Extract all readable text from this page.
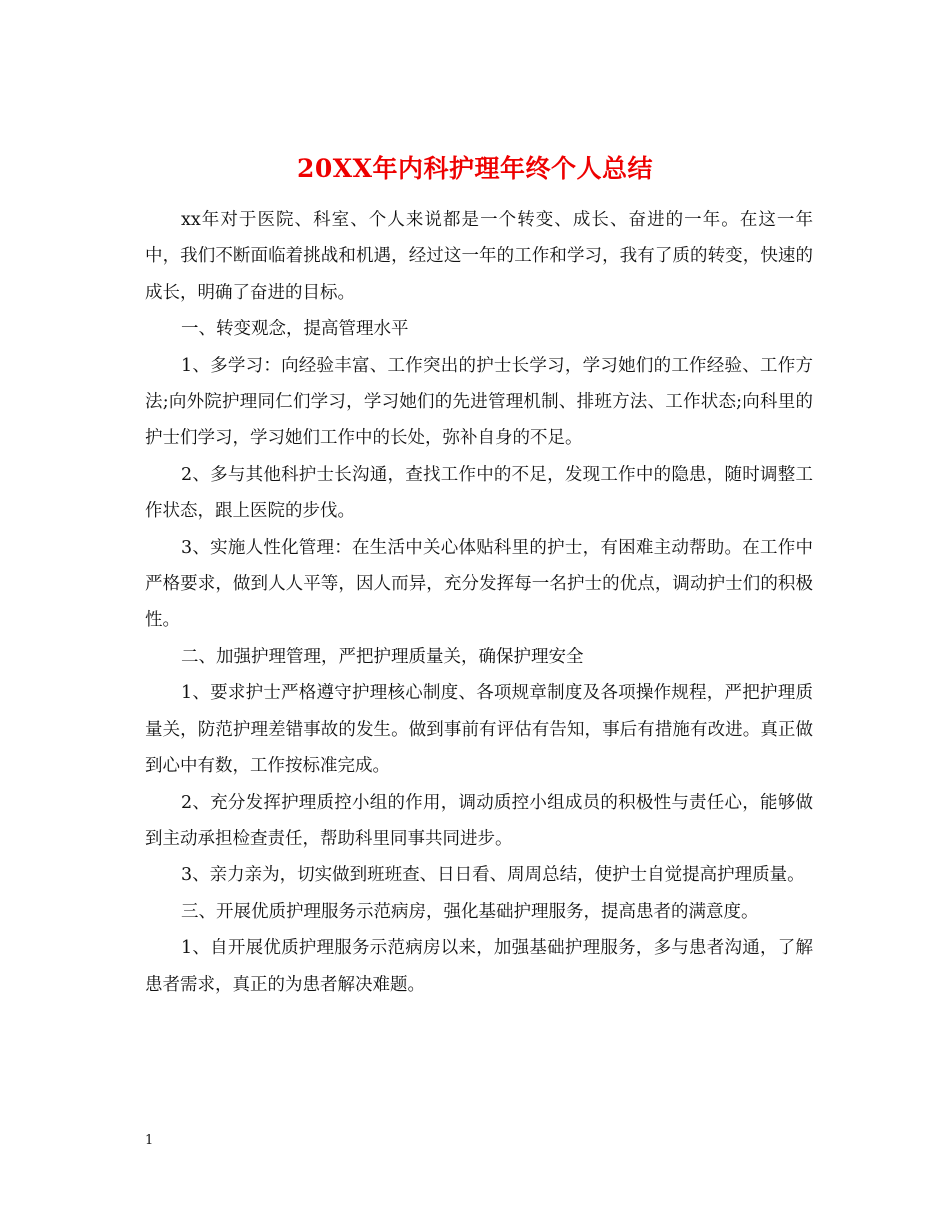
20XX年内科护理年终个人总结

xx年对于医院、科室、个人来说都是一个转变、成长、奋进的一年。在这一年中，我们不断面临着挑战和机遇，经过这一年的工作和学习，我有了质的转变，快速的成长，明确了奋进的目标。

一、转变观念，提高管理水平

1、多学习：向经验丰富、工作突出的护士长学习，学习她们的工作经验、工作方法;向外院护理同仁们学习，学习她们的先进管理机制、排班方法、工作状态;向科里的护士们学习，学习她们工作中的长处，弥补自身的不足。

2、多与其他科护士长沟通，查找工作中的不足，发现工作中的隐患，随时调整工作状态，跟上医院的步伐。

3、实施人性化管理：在生活中关心体贴科里的护士，有困难主动帮助。在工作中严格要求，做到人人平等，因人而异，充分发挥每一名护士的优点，调动护士们的积极性。

二、加强护理管理，严把护理质量关，确保护理安全

1、要求护士严格遵守护理核心制度、各项规章制度及各项操作规程，严把护理质量关，防范护理差错事故的发生。做到事前有评估有告知，事后有措施有改进。真正做到心中有数，工作按标准完成。

2、充分发挥护理质控小组的作用，调动质控小组成员的积极性与责任心，能够做到主动承担检查责任，帮助科里同事共同进步。

3、亲力亲为，切实做到班班查、日日看、周周总结，使护士自觉提高护理质量。

三、开展优质护理服务示范病房，强化基础护理服务，提高患者的满意度。

1、自开展优质护理服务示范病房以来，加强基础护理服务，多与患者沟通，了解患者需求，真正的为患者解决难题。

1
